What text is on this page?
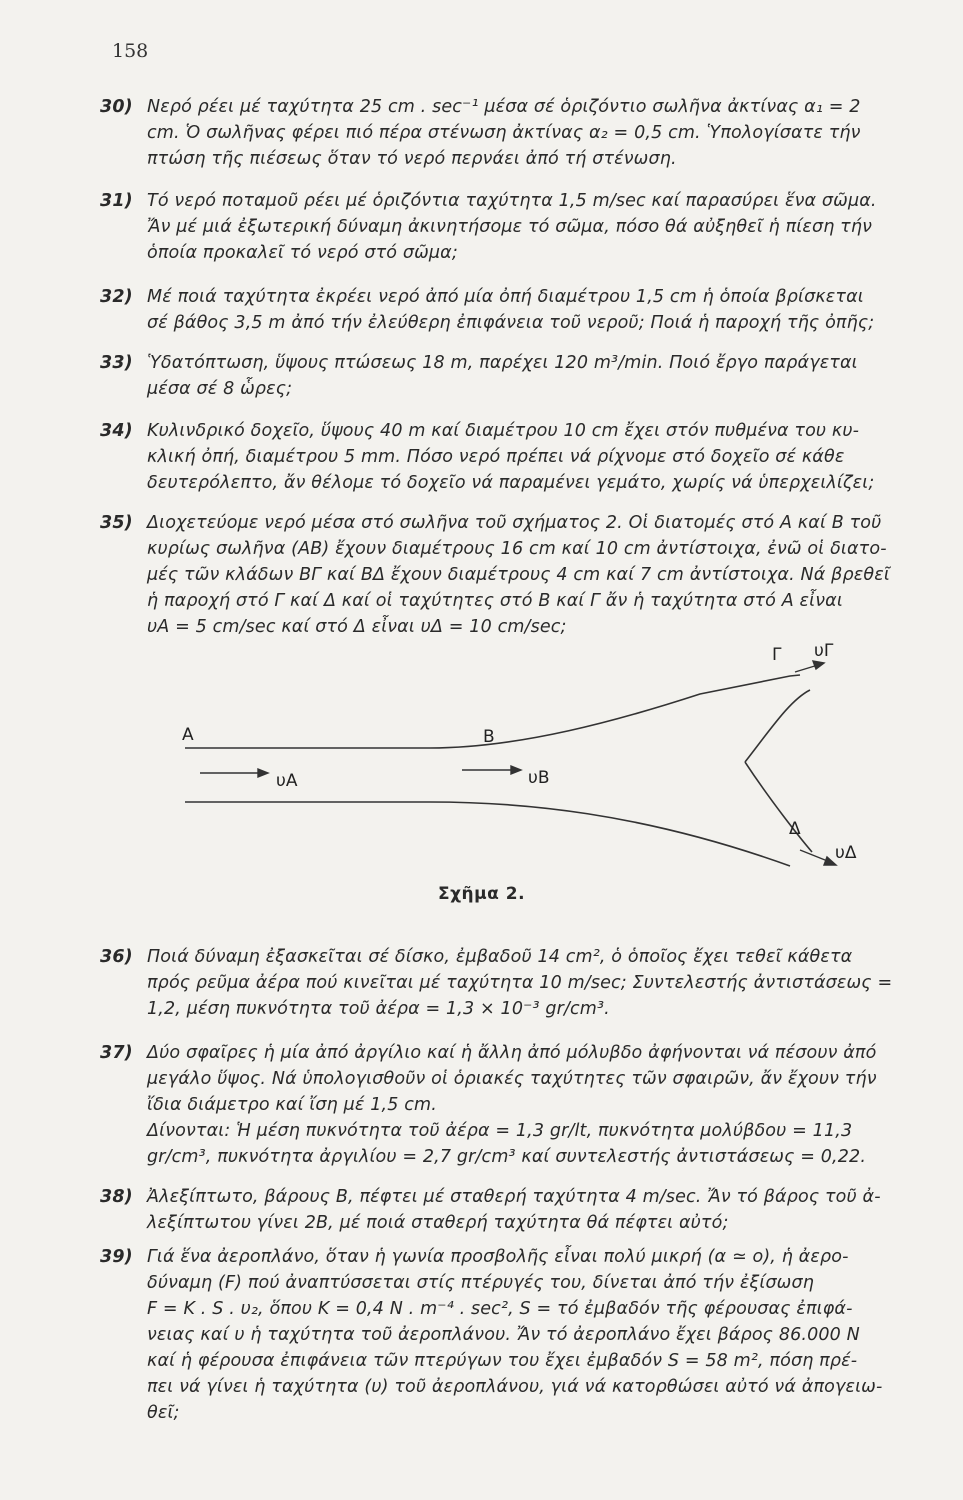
158
30) Νερό ρέει μέ ταχύτητα 25 cm . sec⁻¹ μέσα σέ ὁριζόντιο σωλῆνα ἀκτίνας α₁ = 2
cm. Ὁ σωλῆνας φέρει πιό πέρα στένωση ἀκτίνας α₂ = 0,5 cm. Ὑπολογίσατε τήν
πτώση τῆς πιέσεως ὅταν τό νερό περνάει ἀπό τή στένωση.
31) Τό νερό ποταμοῦ ρέει μέ ὁριζόντια ταχύτητα 1,5 m/sec καί παρασύρει ἕνα σῶμα.
Ἄν μέ μιά ἐξωτερική δύναμη ἀκινητήσομε τό σῶμα, πόσο θά αὐξηθεῖ ἡ πίεση τήν
ὁποία προκαλεῖ τό νερό στό σῶμα;
32) Μέ ποιά ταχύτητα ἐκρέει νερό ἀπό μία ὀπή διαμέτρου 1,5 cm ἡ ὁποία βρίσκεται
σέ βάθος 3,5 m ἀπό τήν ἐλεύθερη ἐπιφάνεια τοῦ νεροῦ; Ποιά ἡ παροχή τῆς ὀπῆς;
33) Ὑδατόπτωση, ὕψους πτώσεως 18 m, παρέχει 120 m³/min. Ποιό ἔργο παράγεται
μέσα σέ 8 ὧρες;
34) Κυλινδρικό δοχεῖο, ὕψους 40 m καί διαμέτρου 10 cm ἔχει στόν πυθμένα του κυ-
κλική ὀπή, διαμέτρου 5 mm. Πόσο νερό πρέπει νά ρίχνομε στό δοχεῖο σέ κάθε
δευτερόλεπτο, ἄν θέλομε τό δοχεῖο νά παραμένει γεμάτο, χωρίς νά ὑπερχειλίζει;
35) Διοχετεύομε νερό μέσα στό σωλῆνα τοῦ σχήματος 2. Οἱ διατομές στό Α καί Β τοῦ
κυρίως σωλῆνα (ΑΒ) ἔχουν διαμέτρους 16 cm καί 10 cm ἀντίστοιχα, ἐνῶ οἱ διατο-
μές τῶν κλάδων ΒΓ καί ΒΔ ἔχουν διαμέτρους 4 cm καί 7 cm ἀντίστοιχα. Νά βρεθεῖ
ἡ παροχή στό Γ καί Δ καί οἱ ταχύτητες στό Β καί Γ ἄν ἡ ταχύτητα στό Α εἶναι
υΑ = 5 cm/sec καί στό Δ εἶναι υΔ = 10 cm/sec;
Α	Β
Γ
Δ
υA	υB
υΓ
υΔ
Σχῆμα 2.
36) Ποιά δύναμη ἐξασκεῖται σέ δίσκο, ἐμβαδοῦ 14 cm², ὁ ὁποῖος ἔχει τεθεῖ κάθετα
πρός ρεῦμα ἀέρα πού κινεῖται μέ ταχύτητα 10 m/sec; Συντελεστής ἀντιστάσεως =
1,2, μέση πυκνότητα τοῦ ἀέρα = 1,3 × 10⁻³ gr/cm³.
37) Δύο σφαῖρες ἡ μία ἀπό ἀργίλιο καί ἡ ἄλλη ἀπό μόλυβδο ἀφήνονται νά πέσουν ἀπό
μεγάλο ὕψος. Νά ὑπολογισθοῦν οἱ ὁριακές ταχύτητες τῶν σφαιρῶν, ἄν ἔχουν τήν
ἴδια διάμετρο καί ἴση μέ 1,5 cm.
Δίνονται: Ἡ μέση πυκνότητα τοῦ ἀέρα = 1,3 gr/lt, πυκνότητα μολύβδου = 11,3
gr/cm³, πυκνότητα ἀργιλίου = 2,7 gr/cm³ καί συντελεστής ἀντιστάσεως = 0,22.
38) Ἀλεξίπτωτο, βάρους Β, πέφτει μέ σταθερή ταχύτητα 4 m/sec. Ἄν τό βάρος τοῦ ἀ-
λεξίπτωτου γίνει 2Β, μέ ποιά σταθερή ταχύτητα θά πέφτει αὐτό;
39) Γιά ἕνα ἀεροπλάνο, ὅταν ἡ γωνία προσβολῆς εἶναι πολύ μικρή (α ≃ ο), ἡ ἀερο-
δύναμη (F) πού ἀναπτύσσεται στίς πτέρυγές του, δίνεται ἀπό τήν ἐξίσωση
F = K . S . υ₂, ὅπου K = 0,4 N . m⁻⁴ . sec², S = τό ἐμβαδόν τῆς φέρουσας ἐπιφά-
νειας καί υ ἡ ταχύτητα τοῦ ἀεροπλάνου. Ἄν τό ἀεροπλάνο ἔχει βάρος 86.000 N
καί ἡ φέρουσα ἐπιφάνεια τῶν πτερύγων του ἔχει ἐμβαδόν S = 58 m², πόση πρέ-
πει νά γίνει ἡ ταχύτητα (υ) τοῦ ἀεροπλάνου, γιά νά κατορθώσει αὐτό νά ἀπογειω-
θεῖ;
